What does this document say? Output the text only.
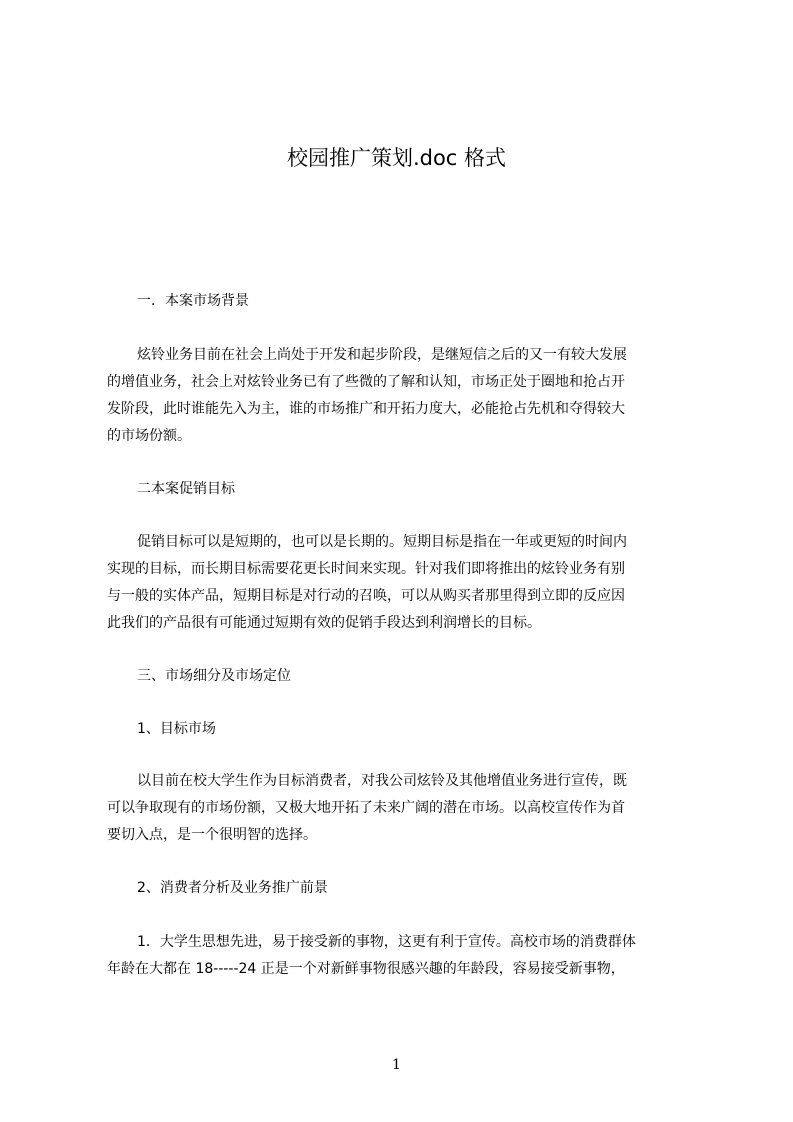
校园推广策划.doc 格式
一．本案市场背景
炫铃业务目前在社会上尚处于开发和起步阶段，是继短信之后的又一有较大发展
的增值业务，社会上对炫铃业务已有了些微的了解和认知，市场正处于圈地和抢占开
发阶段，此时谁能先入为主，谁的市场推广和开拓力度大，必能抢占先机和夺得较大
的市场份额。
二本案促销目标
促销目标可以是短期的，也可以是长期的。短期目标是指在一年或更短的时间内
实现的目标，而长期目标需要花更长时间来实现。针对我们即将推出的炫铃业务有别
与一般的实体产品，短期目标是对行动的召唤，可以从购买者那里得到立即的反应因
此我们的产品很有可能通过短期有效的促销手段达到利润增长的目标。
三、市场细分及市场定位
1、目标市场
以目前在校大学生作为目标消费者，对我公司炫铃及其他增值业务进行宣传，既
可以争取现有的市场份额，又极大地开拓了未来广阔的潜在市场。以高校宣传作为首
要切入点，是一个很明智的选择。
2、消费者分析及业务推广前景
1．大学生思想先进，易于接受新的事物，这更有利于宣传。高校市场的消费群体
年龄在大都在 18-----24 正是一个对新鲜事物很感兴趣的年龄段，容易接受新事物，
1
